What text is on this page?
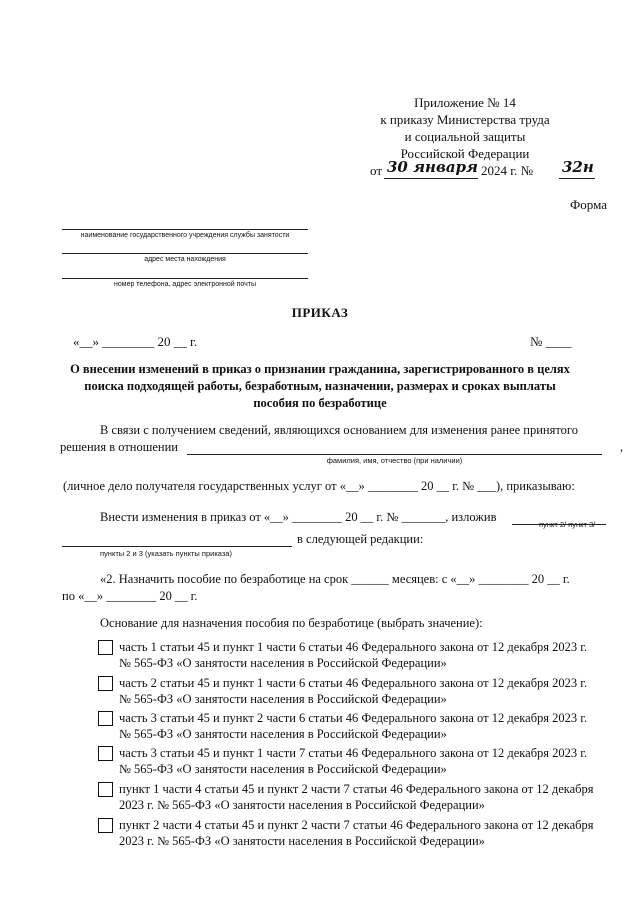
Приложение № 14
к приказу Министерства труда
и социальной защиты
Российской Федерации
от 30 января 2024 г. № 32н
Форма
наименование государственного учреждения службы занятости
адрес места нахождения
номер телефона, адрес электронной почты
ПРИКАЗ
«__» ________ 20 __ г.	№ ____
О внесении изменений в приказ о признании гражданина, зарегистрированного в целях
поиска подходящей работы, безработным, назначении, размерах и сроках выплаты
пособия по безработице
В связи с получением сведений, являющихся основанием для изменения ранее принятого
решения в отношении	,
фамилия, имя, отчество (при наличии)
(личное дело получателя государственных услуг от «__» ________ 20 __ г. № ___), приказываю:
Внести изменения в приказ от «__» ________ 20 __ г. № _______, изложив
пункт 2/ пункт 3/
в следующей редакции:
пункты 2 и 3 (указать пункты приказа)
«2. Назначить пособие по безработице на срок ______ месяцев: с «__» ________ 20 __ г.
по «__» ________ 20 __ г.
Основание для назначения пособия по безработице (выбрать значение):
часть 1 статьи 45 и пункт 1 части 6 статьи 46 Федерального закона от 12 декабря 2023 г.
№ 565-ФЗ «О занятости населения в Российской Федерации»
часть 2 статьи 45 и пункт 1 части 6 статьи 46 Федерального закона от 12 декабря 2023 г.
№ 565-ФЗ «О занятости населения в Российской Федерации»
часть 3 статьи 45 и пункт 2 части 6 статьи 46 Федерального закона от 12 декабря 2023 г.
№ 565-ФЗ «О занятости населения в Российской Федерации»
часть 3 статьи 45 и пункт 1 части 7 статьи 46 Федерального закона от 12 декабря 2023 г.
№ 565-ФЗ «О занятости населения в Российской Федерации»
пункт 1 части 4 статьи 45 и пункт 2 части 7 статьи 46 Федерального закона от 12 декабря
2023 г. № 565-ФЗ «О занятости населения в Российской Федерации»
пункт 2 части 4 статьи 45 и пункт 2 части 7 статьи 46 Федерального закона от 12 декабря
2023 г. № 565-ФЗ «О занятости населения в Российской Федерации»
